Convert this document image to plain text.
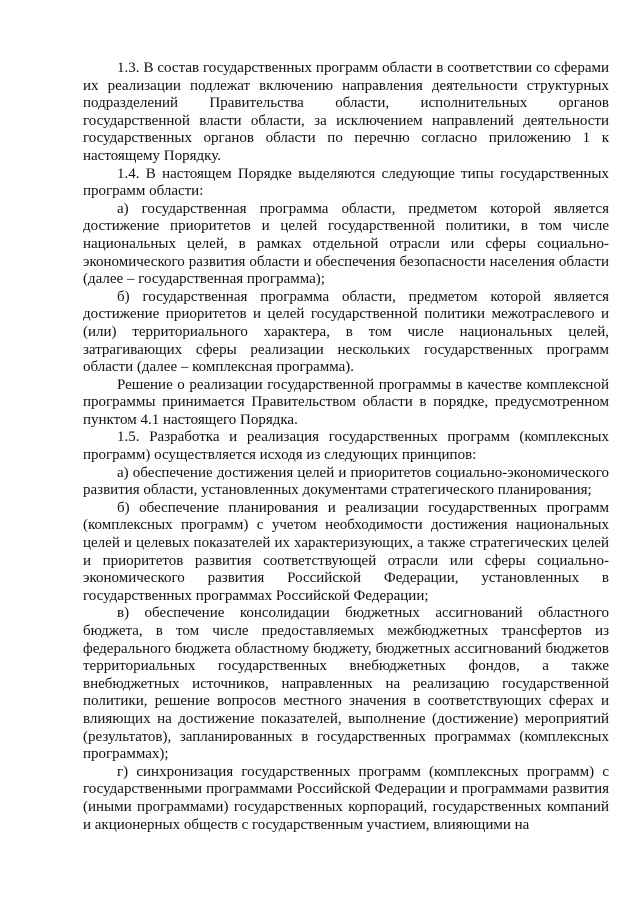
1.3. В состав государственных программ области в соответствии со сферами их реализации подлежат включению направления деятельности структурных подразделений Правительства области, исполнительных органов государственной власти области, за исключением направлений деятельности государственных органов области по перечню согласно приложению 1 к настоящему Порядку.

1.4. В настоящем Порядке выделяются следующие типы государственных программ области:

а) государственная программа области, предметом которой является достижение приоритетов и целей государственной политики, в том числе национальных целей, в рамках отдельной отрасли или сферы социально-экономического развития области и обеспечения безопасности населения области (далее – государственная программа);

б) государственная программа области, предметом которой является достижение приоритетов и целей государственной политики межотраслевого и (или) территориального характера, в том числе национальных целей, затрагивающих сферы реализации нескольких государственных программ области (далее – комплексная программа).

Решение о реализации государственной программы в качестве комплексной программы принимается Правительством области в порядке, предусмотренном пунктом 4.1 настоящего Порядка.

1.5. Разработка и реализация государственных программ (комплексных программ) осуществляется исходя из следующих принципов:

а) обеспечение достижения целей и приоритетов социально-экономического развития области, установленных документами стратегического планирования;

б) обеспечение планирования и реализации государственных программ (комплексных программ) с учетом необходимости достижения национальных целей и целевых показателей их характеризующих, а также стратегических целей и приоритетов развития соответствующей отрасли или сферы социально-экономического развития Российской Федерации, установленных в государственных программах Российской Федерации;

в) обеспечение консолидации бюджетных ассигнований областного бюджета, в том числе предоставляемых межбюджетных трансфертов из федерального бюджета областному бюджету, бюджетных ассигнований бюджетов территориальных государственных внебюджетных фондов, а также внебюджетных источников, направленных на реализацию государственной политики, решение вопросов местного значения в соответствующих сферах и влияющих на достижение показателей, выполнение (достижение) мероприятий (результатов), запланированных в государственных программах (комплексных программах);

г) синхронизация государственных программ (комплексных программ) с государственными программами Российской Федерации и программами развития (иными программами) государственных корпораций, государственных компаний и акционерных обществ с государственным участием, влияющими на
